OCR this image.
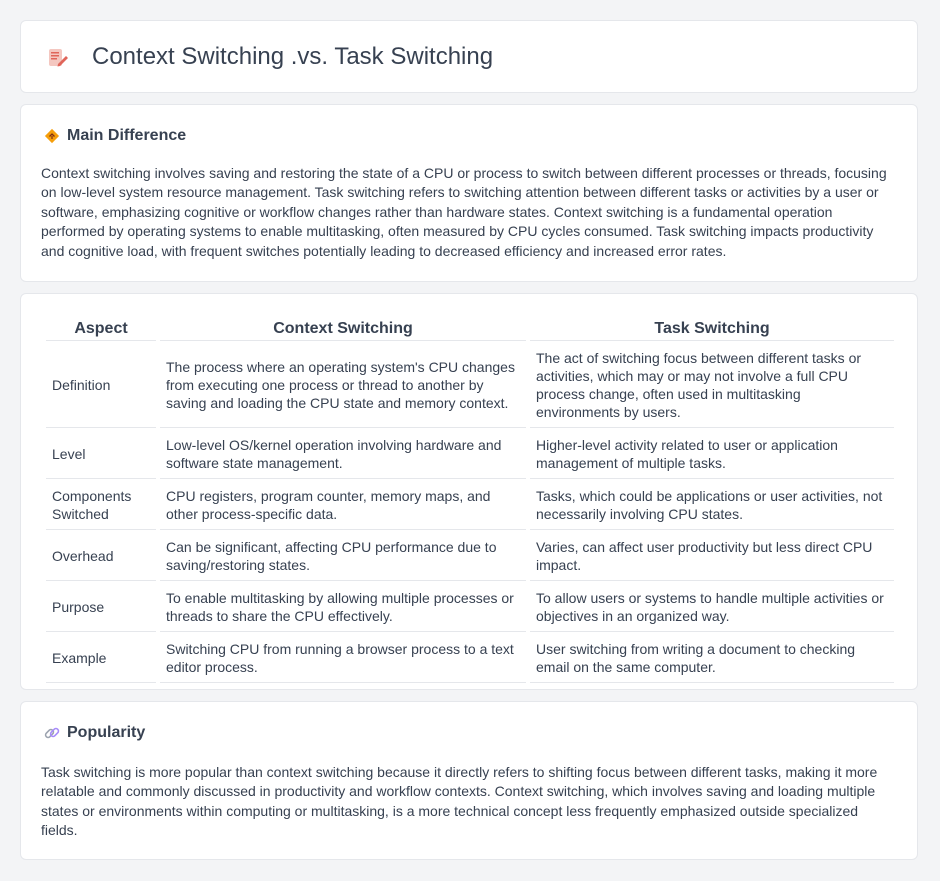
Context Switching .vs. Task Switching
Main Difference

Context switching involves saving and restoring the state of a CPU or process to switch between different processes or threads, focusing on low-level system resource management. Task switching refers to switching attention between different tasks or activities by a user or software, emphasizing cognitive or workflow changes rather than hardware states. Context switching is a fundamental operation performed by operating systems to enable multitasking, often measured by CPU cycles consumed. Task switching impacts productivity and cognitive load, with frequent switches potentially leading to decreased efficiency and increased error rates.

Aspect	Context Switching	Task Switching
Definition	The process where an operating system's CPU changes from executing one process or thread to another by saving and loading the CPU state and memory context.	The act of switching focus between different tasks or activities, which may or may not involve a full CPU process change, often used in multitasking environments by users.
Level	Low-level OS/kernel operation involving hardware and software state management.	Higher-level activity related to user or application management of multiple tasks.
Components Switched	CPU registers, program counter, memory maps, and other process-specific data.	Tasks, which could be applications or user activities, not necessarily involving CPU states.
Overhead	Can be significant, affecting CPU performance due to saving/restoring states.	Varies, can affect user productivity but less direct CPU impact.
Purpose	To enable multitasking by allowing multiple processes or threads to share the CPU effectively.	To allow users or systems to handle multiple activities or objectives in an organized way.
Example	Switching CPU from running a browser process to a text editor process.	User switching from writing a document to checking email on the same computer.
Popularity

Task switching is more popular than context switching because it directly refers to shifting focus between different tasks, making it more relatable and commonly discussed in productivity and workflow contexts. Context switching, which involves saving and loading multiple states or environments within computing or multitasking, is a more technical concept less frequently emphasized outside specialized fields.
